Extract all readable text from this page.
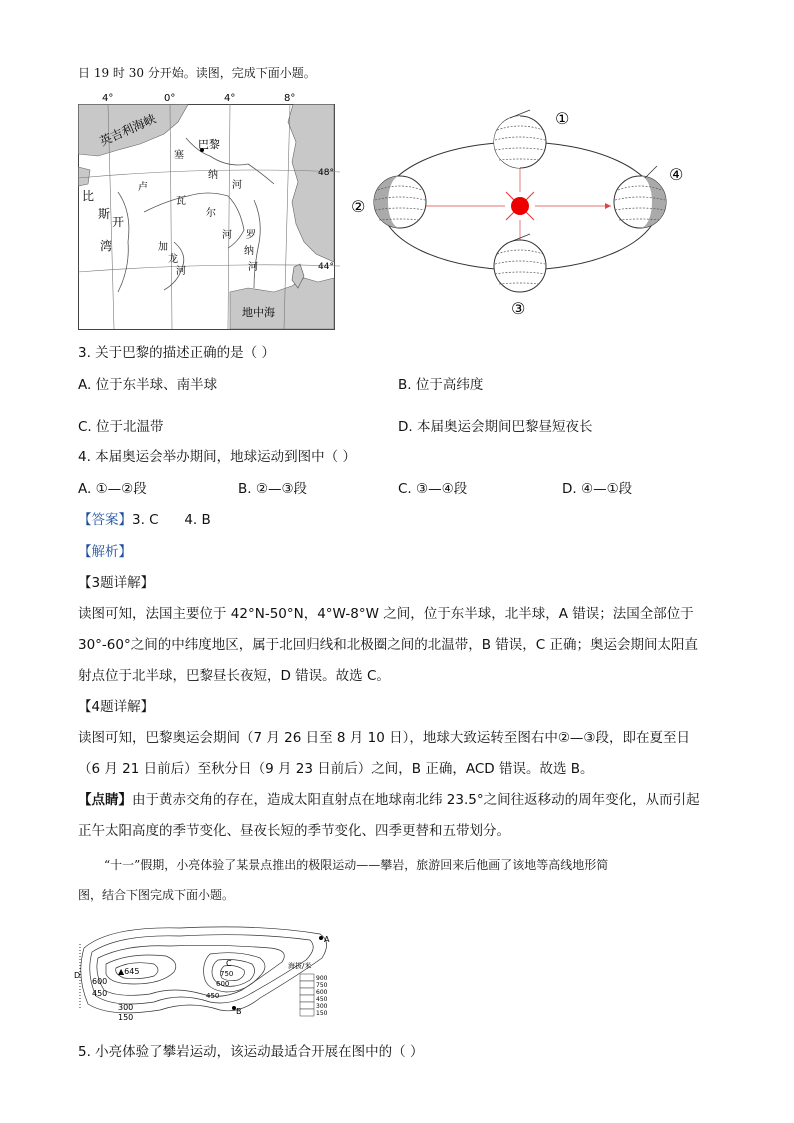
日 19 时 30 分开始。读图，完成下面小题。
4°	0°	4°	8°
48°
44°
英吉利海峡	巴黎
塞
纳
河
卢
瓦
尔
河
比
斯
开
湾	加
龙
河
罗
纳
河
地中海
①
②
③
④
3. 关于巴黎的描述正确的是（ ）
A. 位于东半球、南半球	B. 位于高纬度
C. 位于北温带	D. 本届奥运会期间巴黎昼短夜长
4. 本届奥运会举办期间，地球运动到图中（ ）
A. ①—②段	B. ②—③段	C. ③—④段	D. ④—①段
【答案】3. C      4. B
【解析】
【3题详解】
读图可知，法国主要位于 42°N-50°N，4°W-8°W 之间，位于东半球，北半球，A 错误；法国全部位于
30°-60°之间的中纬度地区，属于北回归线和北极圈之间的北温带，B 错误，C 正确；奥运会期间太阳直
射点位于北半球，巴黎昼长夜短，D 错误。故选 C。
【4题详解】
读图可知，巴黎奥运会期间（7 月 26 日至 8 月 10 日），地球大致运转至图右中②—③段，即在夏至日
（6 月 21 日前后）至秋分日（9 月 23 日前后）之间，B 正确，ACD 错误。故选 B。
【点睛】由于黄赤交角的存在，造成太阳直射点在地球南北纬 23.5°之间往返移动的周年变化，从而引起
正午太阳高度的季节变化、昼夜长短的季节变化、四季更替和五带划分。
“十一”假期，小亮体验了某景点推出的极限运动——攀岩，旅游回来后他画了该地等高线地形简
图，结合下图完成下面小题。
▲645
600
450
300
150
750
600
450
A
B
C
D
海拔/米
900
750
600
450
300
150
5. 小亮体验了攀岩运动，该运动最适合开展在图中的（ ）
